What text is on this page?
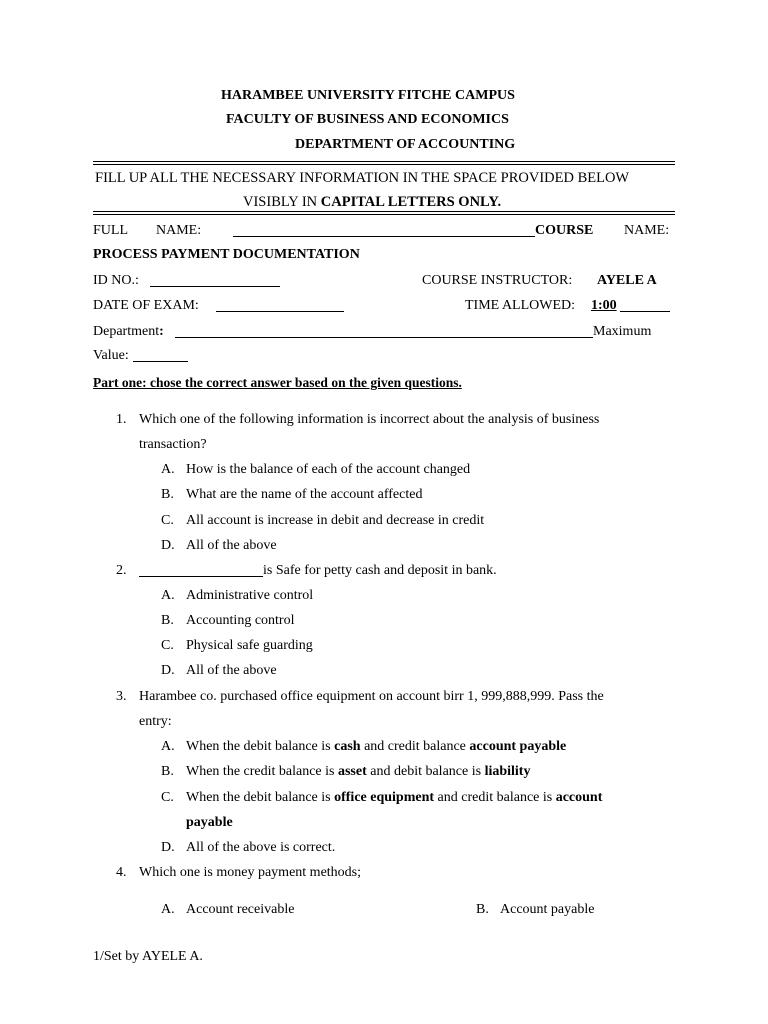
HARAMBEE UNIVERSITY FITCHE CAMPUS
FACULTY OF BUSINESS AND ECONOMICS
DEPARTMENT OF ACCOUNTING
FILL UP ALL THE NECESSARY INFORMATION IN THE SPACE PROVIDED BELOW
VISIBLY IN CAPITAL LETTERS ONLY.
FULL NAME:	COURSE NAME:
PROCESS PAYMENT DOCUMENTATION
ID NO.:	COURSE INSTRUCTOR: AYELE A
DATE OF EXAM:	TIME ALLOWED: 1:00
Department:	Maximum
Value:
Part one: chose the correct answer based on the given questions.
1. Which one of the following information is incorrect about the analysis of business
transaction?
A. How is the balance of each of the account changed
B. What are the name of the account affected
C. All account is increase in debit and decrease in credit
D. All of the above
2.	is Safe for petty cash and deposit in bank.
A. Administrative control
B. Accounting control
C. Physical safe guarding
D. All of the above
3. Harambee co. purchased office equipment on account birr 1, 999,888,999. Pass the
entry:
A. When the debit balance is cash and credit balance account payable
B. When the credit balance is asset and debit balance is liability
C. When the debit balance is office equipment and credit balance is account
payable
D. All of the above is correct.
4. Which one is money payment methods;
A. Account receivable	B. Account payable
1/Set by AYELE A.
